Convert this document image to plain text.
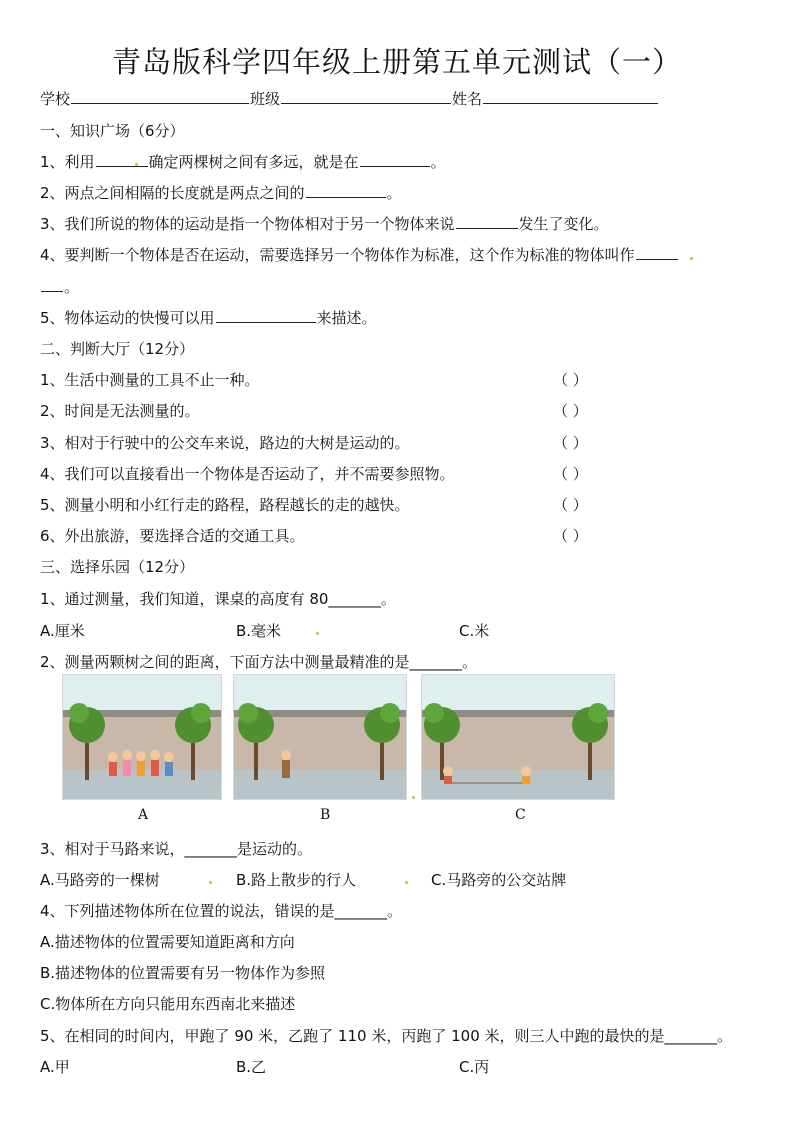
青岛版科学四年级上册第五单元测试（一）
学校	班级	姓名
一、知识广场（6分）
1、利用	确定两棵树之间有多远，就是在	。
2、两点之间相隔的长度就是两点之间的	。
3、我们所说的物体的运动是指一个物体相对于另一个物体来说	发生了变化。
4、要判断一个物体是否在运动，需要选择另一个物体作为标准，这个作为标准的物体叫作
。
5、物体运动的快慢可以用	来描述。
二、判断大厅（12分）
1、生活中测量的工具不止一种。	（ ）
2、时间是无法测量的。	（ ）
3、相对于行驶中的公交车来说，路边的大树是运动的。	（ ）
4、我们可以直接看出一个物体是否运动了，并不需要参照物。	（ ）
5、测量小明和小红行走的路程，路程越长的走的越快。	（ ）
6、外出旅游，要选择合适的交通工具。	（ ）
三、选择乐园（12分）
1、通过测量，我们知道，课桌的高度有 80_______。
A.厘米	B.毫米	C.米
2、测量两颗树之间的距离，下面方法中测量最精准的是_______。
A	B	C
3、相对于马路来说，_______是运动的。
A.马路旁的一棵树	B.路上散步的行人	C.马路旁的公交站牌
4、下列描述物体所在位置的说法，错误的是_______。
A.描述物体的位置需要知道距离和方向
B.描述物体的位置需要有另一物体作为参照
C.物体所在方向只能用东西南北来描述
5、在相同的时间内，甲跑了 90 米，乙跑了 110 米，丙跑了 100 米，则三人中跑的最快的是_______。
A.甲	B.乙	C.丙
